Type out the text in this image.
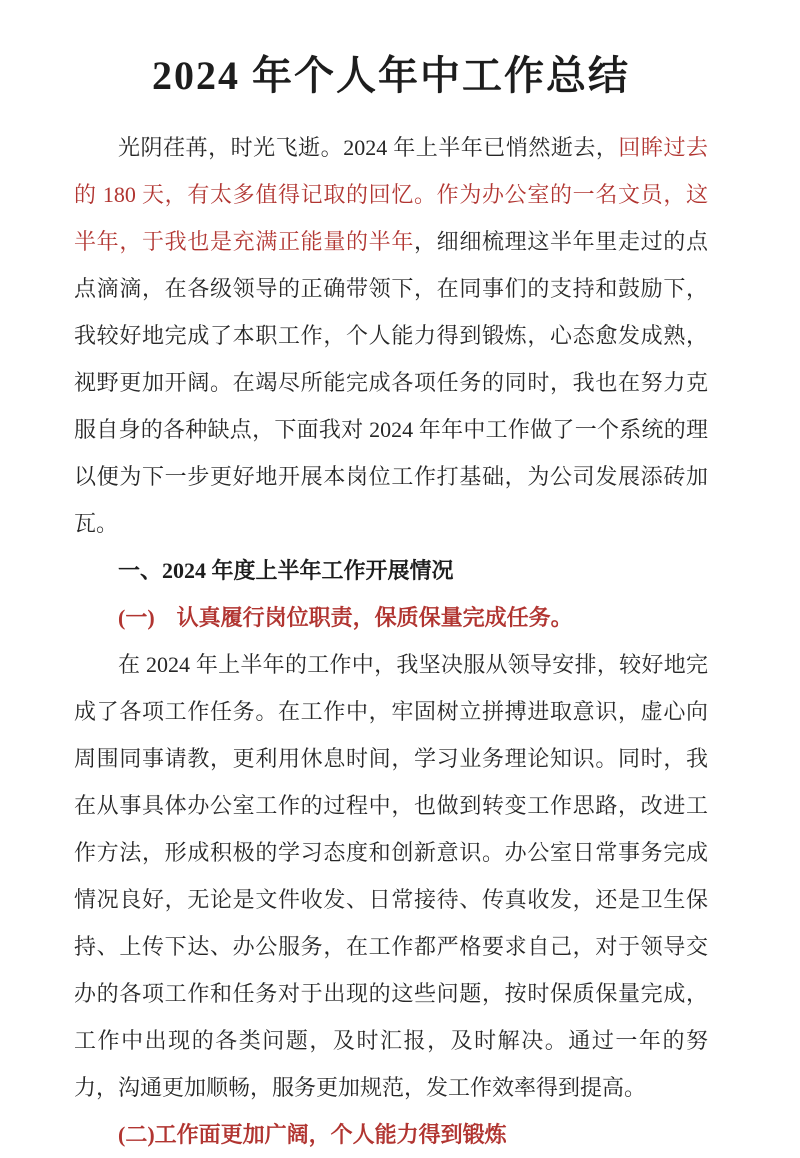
2024 年个人年中工作总结

光阴荏苒，时光飞逝。2024 年上半年已悄然逝去，回眸过去的 180 天，有太多值得记取的回忆。作为办公室的一名文员，这半年，于我也是充满正能量的半年，细细梳理这半年里走过的点点滴滴，在各级领导的正确带领下，在同事们的支持和鼓励下，我较好地完成了本职工作，个人能力得到锻炼，心态愈发成熟，视野更加开阔。在竭尽所能完成各项任务的同时，我也在努力克服自身的各种缺点，下面我对 2024 年年中工作做了一个系统的理以便为下一步更好地开展本岗位工作打基础，为公司发展添砖加瓦。

一、2024 年度上半年工作开展情况
(一)　认真履行岗位职责，保质保量完成任务。

在 2024 年上半年的工作中，我坚决服从领导安排，较好地完成了各项工作任务。在工作中，牢固树立拼搏进取意识，虚心向周围同事请教，更利用休息时间，学习业务理论知识。同时，我在从事具体办公室工作的过程中，也做到转变工作思路，改进工作方法，形成积极的学习态度和创新意识。办公室日常事务完成情况良好，无论是文件收发、日常接待、传真收发，还是卫生保持、上传下达、办公服务，在工作都严格要求自己，对于领导交办的各项工作和任务对于出现的这些问题，按时保质保量完成，工作中出现的各类问题，及时汇报，及时解决。通过一年的努力，沟通更加顺畅，服务更加规范，发工作效率得到提高。

(二)工作面更加广阔，个人能力得到锻炼
